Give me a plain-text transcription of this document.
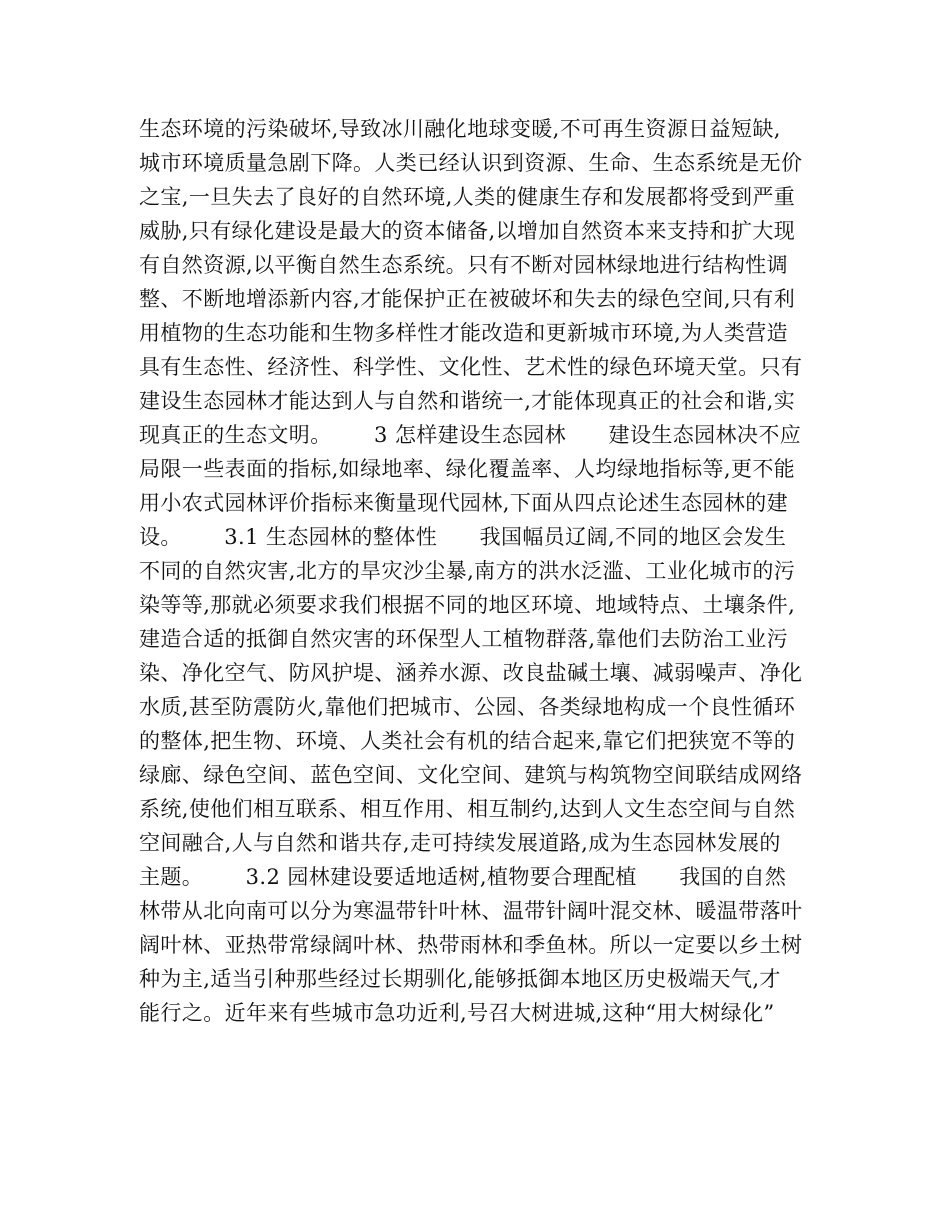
生态环境的污染破坏,导致冰川融化地球变暖,不可再生资源日益短缺,
城市环境质量急剧下降。人类已经认识到资源、生命、生态系统是无价
之宝,一旦失去了良好的自然环境,人类的健康生存和发展都将受到严重
威胁,只有绿化建设是最大的资本储备,以增加自然资本来支持和扩大现
有自然资源,以平衡自然生态系统。只有不断对园林绿地进行结构性调
整、不断地增添新内容,才能保护正在被破坏和失去的绿色空间,只有利
用植物的生态功能和生物多样性才能改造和更新城市环境,为人类营造
具有生态性、经济性、科学性、文化性、艺术性的绿色环境天堂。只有
建设生态园林才能达到人与自然和谐统一,才能体现真正的社会和谐,实
现真正的生态文明。      3 怎样建设生态园林      建设生态园林决不应
局限一些表面的指标,如绿地率、绿化覆盖率、人均绿地指标等,更不能
用小农式园林评价指标来衡量现代园林,下面从四点论述生态园林的建
设。      3.1 生态园林的整体性      我国幅员辽阔,不同的地区会发生
不同的自然灾害,北方的旱灾沙尘暴,南方的洪水泛滥、工业化城市的污
染等等,那就必须要求我们根据不同的地区环境、地域特点、土壤条件,
建造合适的抵御自然灾害的环保型人工植物群落,靠他们去防治工业污
染、净化空气、防风护堤、涵养水源、改良盐碱土壤、减弱噪声、净化
水质,甚至防震防火,靠他们把城市、公园、各类绿地构成一个良性循环
的整体,把生物、环境、人类社会有机的结合起来,靠它们把狭宽不等的
绿廊、绿色空间、蓝色空间、文化空间、建筑与构筑物空间联结成网络
系统,使他们相互联系、相互作用、相互制约,达到人文生态空间与自然
空间融合,人与自然和谐共存,走可持续发展道路,成为生态园林发展的
主题。      3.2 园林建设要适地适树,植物要合理配植      我国的自然
林带从北向南可以分为寒温带针叶林、温带针阔叶混交林、暖温带落叶
阔叶林、亚热带常绿阔叶林、热带雨林和季鱼林。所以一定要以乡土树
种为主,适当引种那些经过长期驯化,能够抵御本地区历史极端天气,才
能行之。近年来有些城市急功近利,号召大树进城,这种“用大树绿化”
